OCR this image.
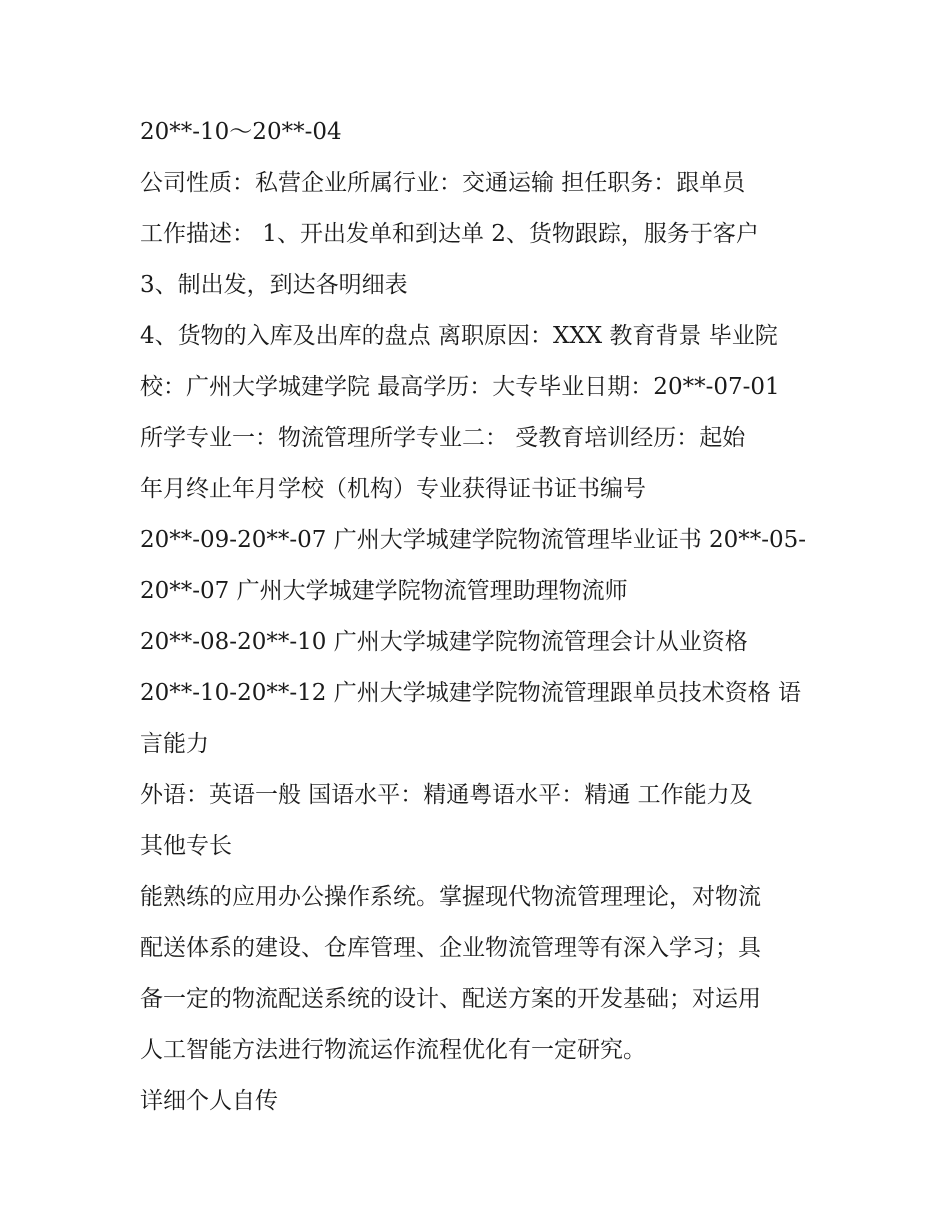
20**-10～20**-04
公司性质：私营企业所属行业：交通运输 担任职务：跟单员
工作描述： 1、开出发单和到达单 2、货物跟踪，服务于客户
3、制出发，到达各明细表
4、货物的入库及出库的盘点 离职原因：XXX 教育背景 毕业院
校：广州大学城建学院 最高学历：大专毕业日期：20**-07-01
所学专业一：物流管理所学专业二： 受教育培训经历：起始
年月终止年月学校（机构）专业获得证书证书编号
20**-09-20**-07 广州大学城建学院物流管理毕业证书 20**-05-
20**-07 广州大学城建学院物流管理助理物流师
20**-08-20**-10 广州大学城建学院物流管理会计从业资格
20**-10-20**-12 广州大学城建学院物流管理跟单员技术资格 语
言能力
外语：英语一般 国语水平：精通粤语水平：精通 工作能力及
其他专长
能熟练的应用办公操作系统。掌握现代物流管理理论，对物流
配送体系的建设、仓库管理、企业物流管理等有深入学习；具
备一定的物流配送系统的设计、配送方案的开发基础；对运用
人工智能方法进行物流运作流程优化有一定研究。
详细个人自传
